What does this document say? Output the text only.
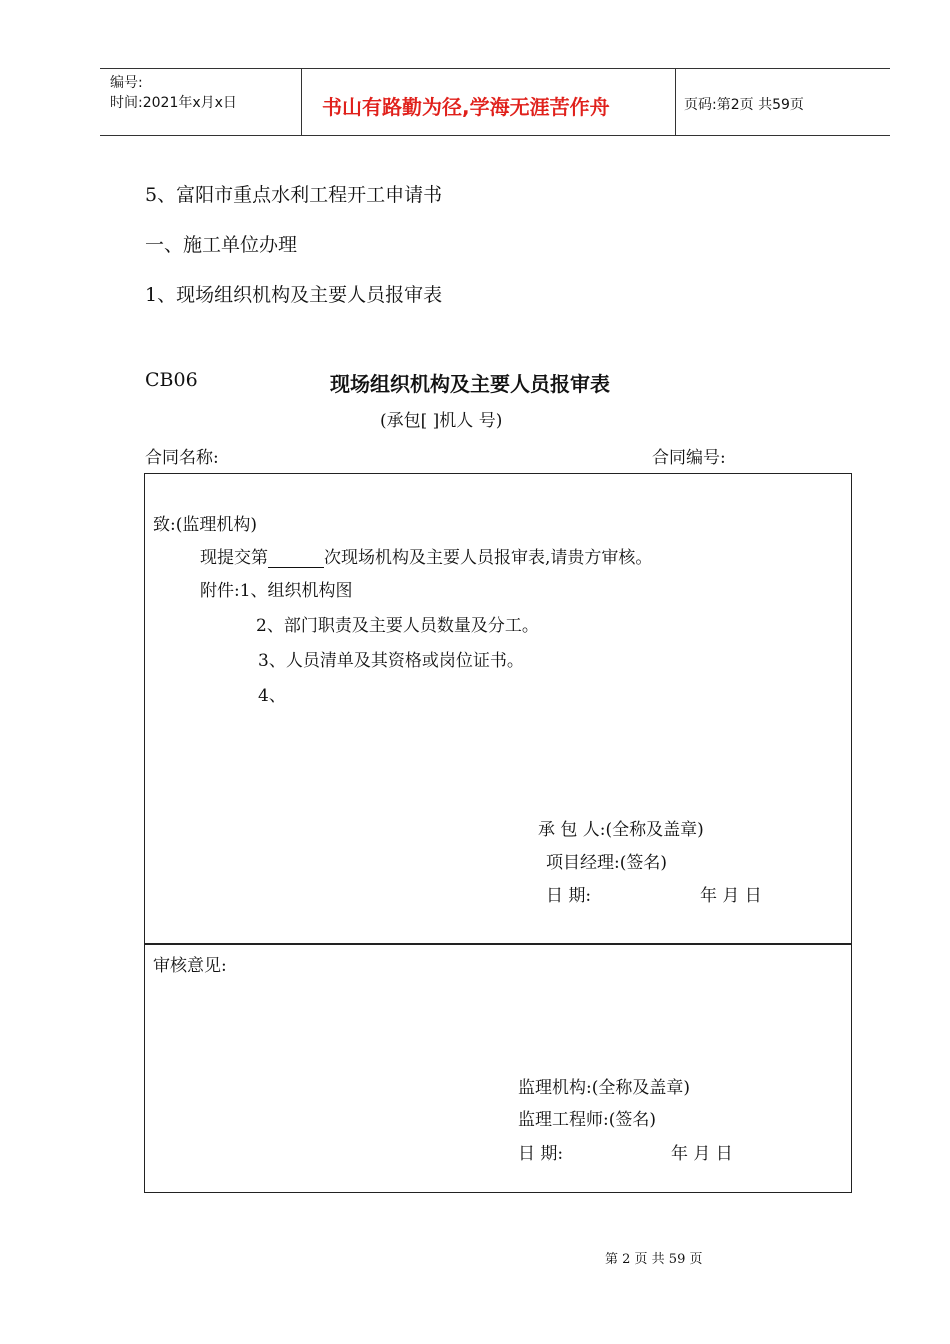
编号:
时间:2021年x月x日	书山有路勤为径,学海无涯苦作舟	页码:第2页 共59页
5、富阳市重点水利工程开工申请书
一、施工单位办理
1、现场组织机构及主要人员报审表
CB06	现场组织机构及主要人员报审表
(承包[ ]机人 号)
合同名称:	合同编号:
致:(监理机构)
现提交第	次现场机构及主要人员报审表,请贵方审核。
附件:1、组织机构图
2、部门职责及主要人员数量及分工。
3、人员清单及其资格或岗位证书。
4、
承 包 人:(全称及盖章)
项目经理:(签名)
日 期:	年 月 日
审核意见:
监理机构:(全称及盖章)
监理工程师:(签名)
日 期:	年 月 日
第 2 页 共 59 页
